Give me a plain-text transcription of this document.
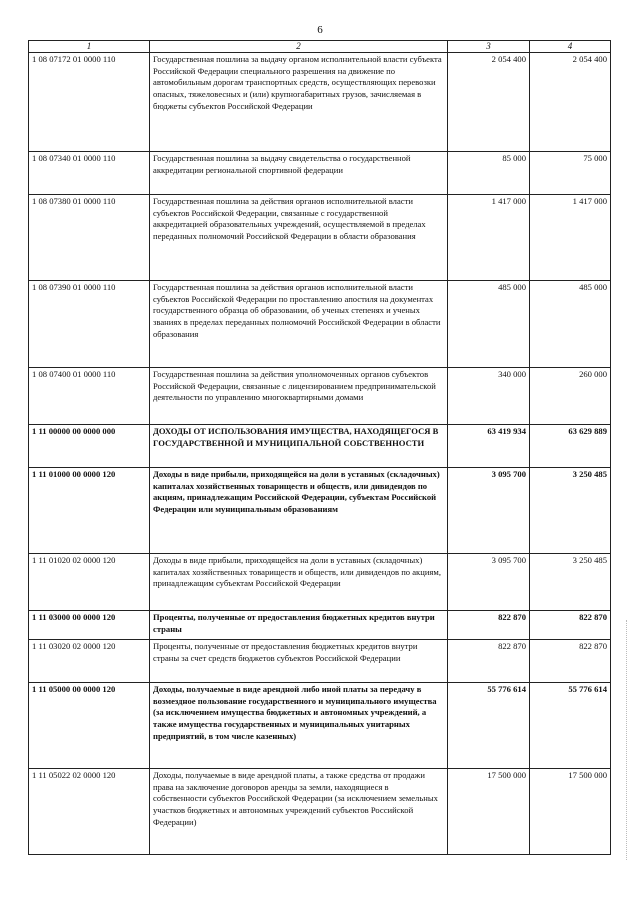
6
1	2	3	4
1 08 07172 01 0000 110	Государственная пошлина за выдачу органом исполнительной власти субъекта Российской Федерации специального разрешения на движение по автомобильным дорогам транспортных средств, осуществляющих перевозки опасных, тяжеловесных и (или) крупногабаритных грузов, зачисляемая в бюджеты субъектов Российской Федерации	2 054 400	2 054 400
1 08 07340 01 0000 110	Государственная пошлина за выдачу свидетельства о государственной аккредитации региональной спортивной федерации	85 000	75 000
1 08 07380 01 0000 110	Государственная пошлина за действия органов исполнительной власти субъектов Российской Федерации, связанные с государственной аккредитацией образовательных учреждений, осуществляемой в пределах переданных полномочий Российской Федерации в области образования	1 417 000	1 417 000
1 08 07390 01 0000 110	Государственная пошлина за действия органов исполнительной власти субъектов Российской Федерации по проставлению апостиля на документах государственного образца об образовании, об ученых степенях и ученых званиях в пределах переданных полномочий Российской Федерации в области образования	485 000	485 000
1 08 07400 01 0000 110	Государственная пошлина за действия уполномоченных органов субъектов Российской Федерации, связанные с лицензированием предпринимательской деятельности по управлению многоквартирными домами	340 000	260 000
1 11 00000 00 0000 000	ДОХОДЫ ОТ ИСПОЛЬЗОВАНИЯ ИМУЩЕСТВА, НАХОДЯЩЕГОСЯ В ГОСУДАРСТВЕННОЙ И МУНИЦИПАЛЬНОЙ СОБСТВЕННОСТИ	63 419 934	63 629 889
1 11 01000 00 0000 120	Доходы в виде прибыли, приходящейся на доли в уставных (складочных) капиталах хозяйственных товариществ и обществ, или дивидендов по акциям, принадлежащим Российской Федерации, субъектам Российской Федерации или муниципальным образованиям	3 095 700	3 250 485
1 11 01020 02 0000 120	Доходы в виде прибыли, приходящейся на доли в уставных (складочных) капиталах хозяйственных товариществ и обществ, или дивидендов по акциям, принадлежащим субъектам Российской Федерации	3 095 700	3 250 485
1 11 03000 00 0000 120	Проценты, полученные от предоставления бюджетных кредитов внутри страны	822 870	822 870
1 11 03020 02 0000 120	Проценты, полученные от предоставления бюджетных кредитов внутри страны за счет средств бюджетов субъектов Российской Федерации	822 870	822 870
1 11 05000 00 0000 120	Доходы, получаемые в виде арендной либо иной платы за передачу в возмездное пользование государственного и муниципального имущества (за исключением имущества бюджетных и автономных учреждений, а также имущества государственных и муниципальных унитарных предприятий, в том числе казенных)	55 776 614	55 776 614
1 11 05022 02 0000 120	Доходы, получаемые в виде арендной платы, а также средства от продажи права на заключение договоров аренды за земли, находящиеся в собственности субъектов Российской Федерации (за исключением земельных участков бюджетных и автономных учреждений субъектов Российской Федерации)	17 500 000	17 500 000
